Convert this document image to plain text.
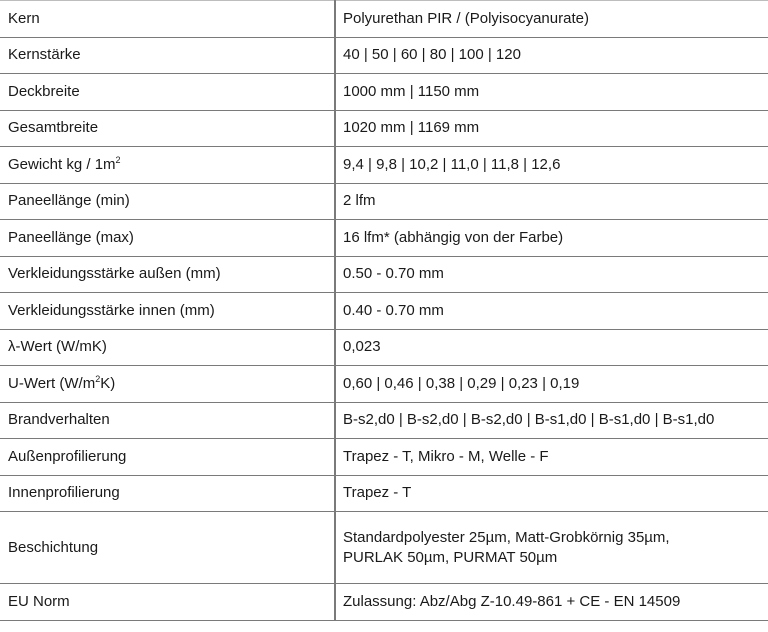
Kern	Polyurethan PIR / (Polyisocyanurate)
Kernstärke	40 | 50 | 60 | 80 | 100 | 120
Deckbreite	1000 mm | 1150 mm
Gesamtbreite	1020 mm | 1169 mm
Gewicht kg / $1m^2$	9,4 | 9,8 | 10,2 | 11,0 | 11,8 | 12,6
Paneellänge (min)	2 lfm
Paneellänge (max)	16 lfm* (abhängig von der Farbe)
Verkleidungsstärke außen (mm)	0.50 - 0.70 mm
Verkleidungsstärke innen (mm)	0.40 - 0.70 mm
λ-Wert (W/mK)	0,023
U-Wert $(W/m^2K)$	0,60 | 0,46 | 0,38 | 0,29 | 0,23 | 0,19
Brandverhalten	B-s2,d0 | B-s2,d0 | B-s2,d0 | B-s1,d0 | B-s1,d0 | B-s1,d0
Außenprofilierung	Trapez - T, Mikro - M, Welle - F
Innenprofilierung	Trapez - T
Beschichtung	Standardpolyester 25µm, Matt-Grobkörnig 35µm,
PURLAK 50µm, PURMAT 50µm

EU Norm	Zulassung: Abz/Abg Z-10.49-861 + CE - EN 14509
